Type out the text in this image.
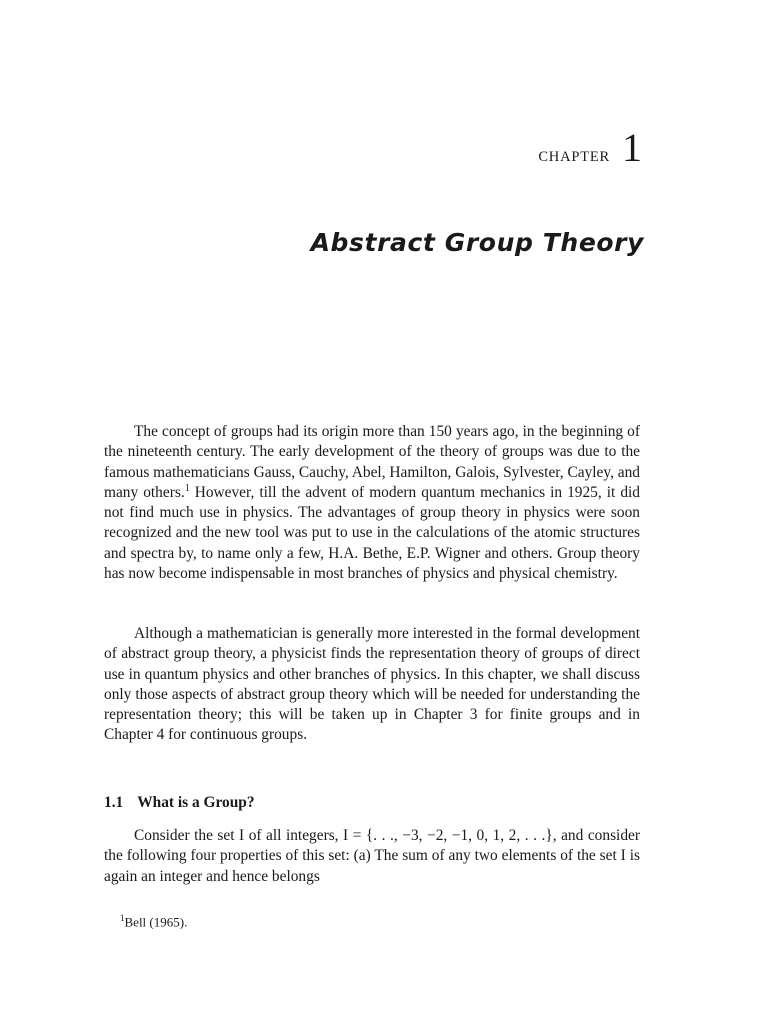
CHAPTER 1
Abstract Group Theory

The concept of groups had its origin more than 150 years ago, in the beginning of the nineteenth century. The early development of the theory of groups was due to the famous mathematicians Gauss, Cauchy, Abel, Hamilton, Galois, Sylvester, Cayley, and many others.$^1$ However, till the advent of modern quantum mechanics in 1925, it did not find much use in physics. The advantages of group theory in physics were soon recognized and the new tool was put to use in the calculations of the atomic structures and spectra by, to name only a few, H.A. Bethe, E.P. Wigner and others. Group theory has now become indispensable in most branches of physics and physical chemistry.

Although a mathematician is generally more interested in the formal development of abstract group theory, a physicist finds the representation theory of groups of direct use in quantum physics and other branches of physics. In this chapter, we shall discuss only those aspects of abstract group theory which will be needed for understanding the representation theory; this will be taken up in Chapter 3 for finite groups and in Chapter 4 for continuous groups.

1.1 What is a Group?

Consider the set I of all integers, I = {. . ., −3, −2, −1, 0, 1, 2, . . .}, and consider the following four properties of this set: (a) The sum of any two elements of the set I is again an integer and hence belongs

$^1$Bell (1965).
